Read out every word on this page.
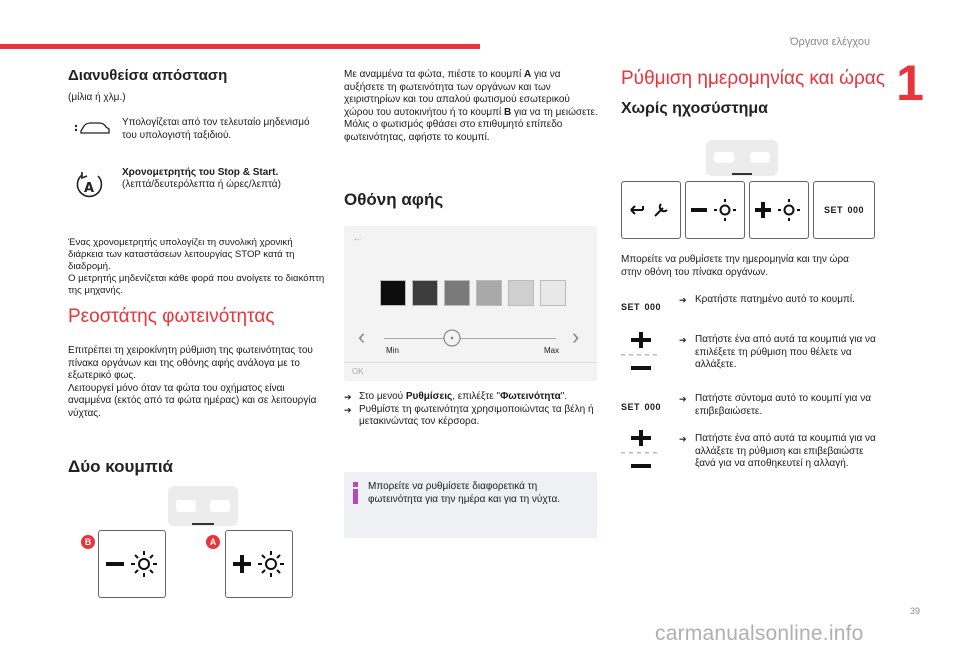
Όργανα ελέγχου
1
39
Διανυθείσα απόσταση
(μίλια ή χλμ.)
Υπολογίζεται από τον τελευταίο μηδενισμό του υπολογιστή ταξιδιού.
A
Χρονομετρητής του Stop & Start.
(λεπτά/δευτερόλεπτα ή ώρες/λεπτά)
Ένας χρονομετρητής υπολογίζει τη συνολική χρονική διάρκεια των καταστάσεων λειτουργίας STOP κατά τη διαδρομή.
Ο μετρητής μηδενίζεται κάθε φορά που ανοίγετε το διακόπτη της μηχανής.
Ρεοστάτης φωτεινότητας
Επιτρέπει τη χειροκίνητη ρύθμιση της φωτεινότητας του πίνακα οργάνων και της οθόνης αφής ανάλογα με το εξωτερικό φως.
Λειτουργεί μόνο όταν τα φώτα του οχήματος είναι αναμμένα (εκτός από τα φώτα ημέρας) και σε λειτουργία νύχτας.
Δύο κουμπιά
B	A
Με αναμμένα τα φώτα, πιέστε το κουμπί A για να αυξήσετε τη φωτεινότητα των οργάνων και των χειριστηρίων και του απαλού φωτισμού εσωτερικού χώρου του αυτοκινήτου ή το κουμπί B για να τη μειώσετε.
Μόλις ο φωτισμός φθάσει στο επιθυμητό επίπεδο φωτεινότητας, αφήστε το κουμπί.
Οθόνη αφής
←
‹	›
Min	Max
OK
➔ Στο μενού Ρυθμίσεις, επιλέξτε "Φωτεινότητα".
➔ Ρυθμίστε τη φωτεινότητα χρησιμοποιώντας τα βέλη ή μετακινώντας τον κέρσορα.
Μπορείτε να ρυθμίσετε διαφορετικά τη φωτεινότητα για την ημέρα και για τη νύχτα.
Ρύθμιση ημερομηνίας και ώρας
Χωρίς ηχοσύστημα
SET
000
Μπορείτε να ρυθμίσετε την ημερομηνία και την ώρα στην οθόνη του πίνακα οργάνων.
SET 000
➔ Κρατήστε πατημένο αυτό το κουμπί.
➔ Πατήστε ένα από αυτά τα κουμπιά για να επιλέξετε τη ρύθμιση που θέλετε να αλλάξετε.
SET 000
➔ Πατήστε σύντομα αυτό το κουμπί για να επιβεβαιώσετε.
➔ Πατήστε ένα από αυτά τα κουμπιά για να αλλάξετε τη ρύθμιση και επιβεβαιώστε ξανά για να αποθηκευτεί η αλλαγή.
carmanualsonline.info
